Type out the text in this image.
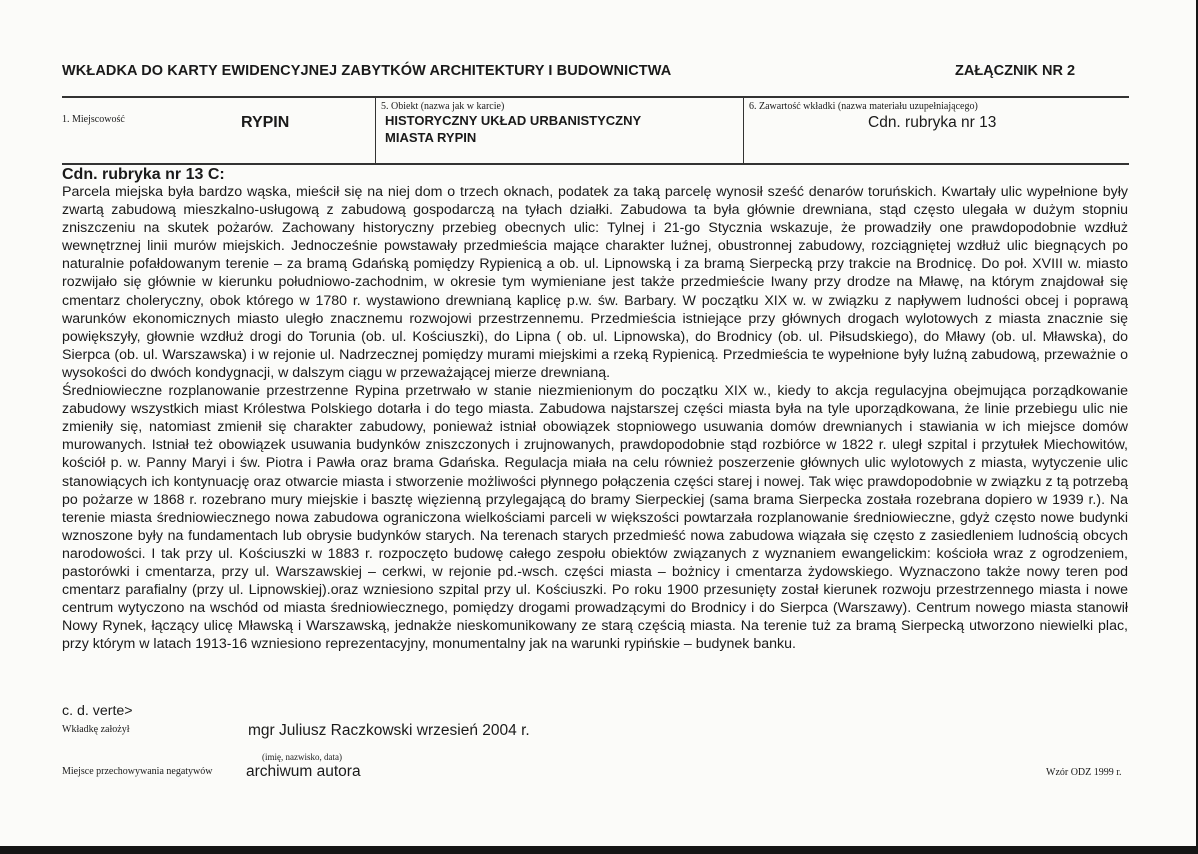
WKŁADKA DO KARTY EWIDENCYJNEJ ZABYTKÓW ARCHITEKTURY I BUDOWNICTWA	ZAŁĄCZNIK NR 2
1. Miejscowość	RYPIN
5. Obiekt (nazwa jak w karcie)
HISTORYCZNY UKŁAD URBANISTYCZNY
MIASTA RYPIN
6. Zawartość wkładki (nazwa materiału uzupełniającego)
Cdn. rubryka nr 13
Cdn. rubryka nr 13 C:

Parcela miejska była bardzo wąska, mieścił się na niej dom o trzech oknach, podatek za taką parcelę wynosił sześć denarów toruńskich. Kwartały ulic wypełnione były zwartą zabudową mieszkalno-usługową z zabudową gospodarczą na tyłach działki. Zabudowa ta była głównie drewniana, stąd często ulegała w dużym stopniu zniszczeniu na skutek pożarów. Zachowany historyczny przebieg obecnych ulic: Tylnej i 21-go Stycznia wskazuje, że prowadziły one prawdopodobnie wzdłuż wewnętrznej linii murów miejskich. Jednocześnie powstawały przedmieścia mające charakter luźnej, obustronnej zabudowy, rozciągniętej wzdłuż ulic biegnących po naturalnie pofałdowanym terenie – za bramą Gdańską pomiędzy Rypienicą a ob. ul. Lipnowską i za bramą Sierpecką przy trakcie na Brodnicę. Do poł. XVIII w. miasto rozwijało się głównie w kierunku południowo-zachodnim, w okresie tym wymieniane jest także przedmieście Iwany przy drodze na Mławę, na którym znajdował się cmentarz choleryczny, obok którego w 1780 r. wystawiono drewnianą kaplicę p.w. św. Barbary. W początku XIX w. w związku z napływem ludności obcej i poprawą warunków ekonomicznych miasto uległo znacznemu rozwojowi przestrzennemu. Przedmieścia istniejące przy głównych drogach wylotowych z miasta znacznie się powiększyły, głownie wzdłuż drogi do Torunia (ob. ul. Kościuszki), do Lipna ( ob. ul. Lipnowska), do Brodnicy (ob. ul. Piłsudskiego), do Mławy (ob. ul. Mławska), do Sierpca (ob. ul. Warszawska) i w rejonie ul. Nadrzecznej pomiędzy murami miejskimi a rzeką Rypienicą. Przedmieścia te wypełnione były luźną zabudową, przeważnie o wysokości do dwóch kondygnacji, w dalszym ciągu w przeważającej mierze drewnianą.

Średniowieczne rozplanowanie przestrzenne Rypina przetrwało w stanie niezmienionym do początku XIX w., kiedy to akcja regulacyjna obejmująca porządkowanie zabudowy wszystkich miast Królestwa Polskiego dotarła i do tego miasta. Zabudowa najstarszej części miasta była na tyle uporządkowana, że linie przebiegu ulic nie zmieniły się, natomiast zmienił się charakter zabudowy, ponieważ istniał obowiązek stopniowego usuwania domów drewnianych i stawiania w ich miejsce domów murowanych. Istniał też obowiązek usuwania budynków zniszczonych i zrujnowanych, prawdopodobnie stąd rozbiórce w 1822 r. uległ szpital i przytułek Miechowitów, kościół p. w. Panny Maryi i św. Piotra i Pawła oraz brama Gdańska. Regulacja miała na celu również poszerzenie głównych ulic wylotowych z miasta, wytyczenie ulic stanowiących ich kontynuację oraz otwarcie miasta i stworzenie możliwości płynnego połączenia części starej i nowej. Tak więc prawdopodobnie w związku z tą potrzebą po pożarze w 1868 r. rozebrano mury miejskie i basztę więzienną przylegającą do bramy Sierpeckiej (sama brama Sierpecka została rozebrana dopiero w 1939 r.). Na terenie miasta średniowiecznego nowa zabudowa ograniczona wielkościami parceli w większości powtarzała rozplanowanie średniowieczne, gdyż często nowe budynki wznoszone były na fundamentach lub obrysie budynków starych. Na terenach starych przedmieść nowa zabudowa wiązała się często z zasiedleniem ludnością obcych narodowości. I tak przy ul. Kościuszki w 1883 r. rozpoczęto budowę całego zespołu obiektów związanych z wyznaniem ewangelickim: kościoła wraz z ogrodzeniem, pastorówki i cmentarza, przy ul. Warszawskiej – cerkwi, w rejonie pd.-wsch. części miasta – bożnicy i cmentarza żydowskiego. Wyznaczono także nowy teren pod cmentarz parafialny (przy ul. Lipnowskiej).oraz wzniesiono szpital przy ul. Kościuszki. Po roku 1900 przesunięty został kierunek rozwoju przestrzennego miasta i nowe centrum wytyczono na wschód od miasta średniowiecznego, pomiędzy drogami prowadzącymi do Brodnicy i do Sierpca (Warszawy). Centrum nowego miasta stanowił Nowy Rynek, łączący ulicę Mławską i Warszawską, jednakże nieskomunikowany ze starą częścią miasta. Na terenie tuż za bramą Sierpecką utworzono niewielki plac, przy którym w latach 1913-16 wzniesiono reprezentacyjny, monumentalny jak na warunki rypińskie – budynek banku.

c. d. verte>
Wkładkę założył	mgr Juliusz Raczkowski wrzesień 2004 r.
(imię, nazwisko, data)
Miejsce przechowywania negatywów archiwum autora	Wzór ODZ 1999 r.
